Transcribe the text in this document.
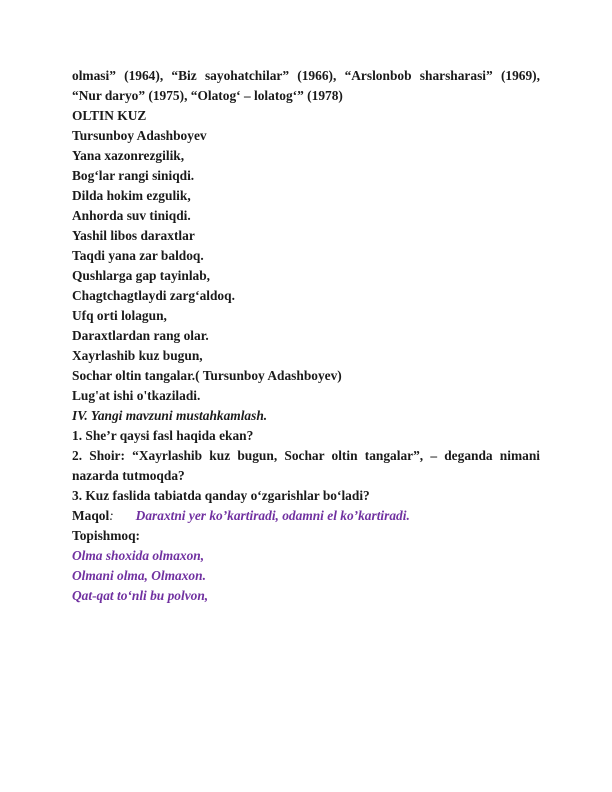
olmasi” (1964), “Biz sayohatchilar” (1966), “Arslonbob sharsharasi” (1969),
“Nur daryo” (1975), “Olatog‘ – lolatog‘” (1978)
OLTIN KUZ
Tursunboy Adashboyev
Yana xazonrezgilik,
Bog‘lar rangi siniqdi.
Dilda hokim ezgulik,
Anhorda suv tiniqdi.
Yashil libos daraxtlar
Taqdi yana zar baldoq.
Qushlarga gap tayinlab,
Chagtchagtlaydi zarg‘aldoq.
Ufq orti lolagun,
Daraxtlardan rang olar.
Xayrlashib kuz bugun,
Sochar oltin tangalar.( Tursunboy Adashboyev)
Lug'at ishi o'tkaziladi.
IV. Yangi mavzuni mustahkamlash.
1. She’r qaysi fasl haqida ekan?
2. Shoir: “Xayrlashib kuz bugun, Sochar oltin tangalar”, – deganda nimani
nazarda tutmoqda?
3. Kuz faslida tabiatda qanday o‘zgarishlar bo‘ladi?
Maqol: Daraxtni yer ko’kartiradi, odamni el ko’kartiradi.
Topishmoq:
Olma shoxida olmaxon,
Olmani olma, Olmaxon.
Qat-qat to‘nli bu polvon,
